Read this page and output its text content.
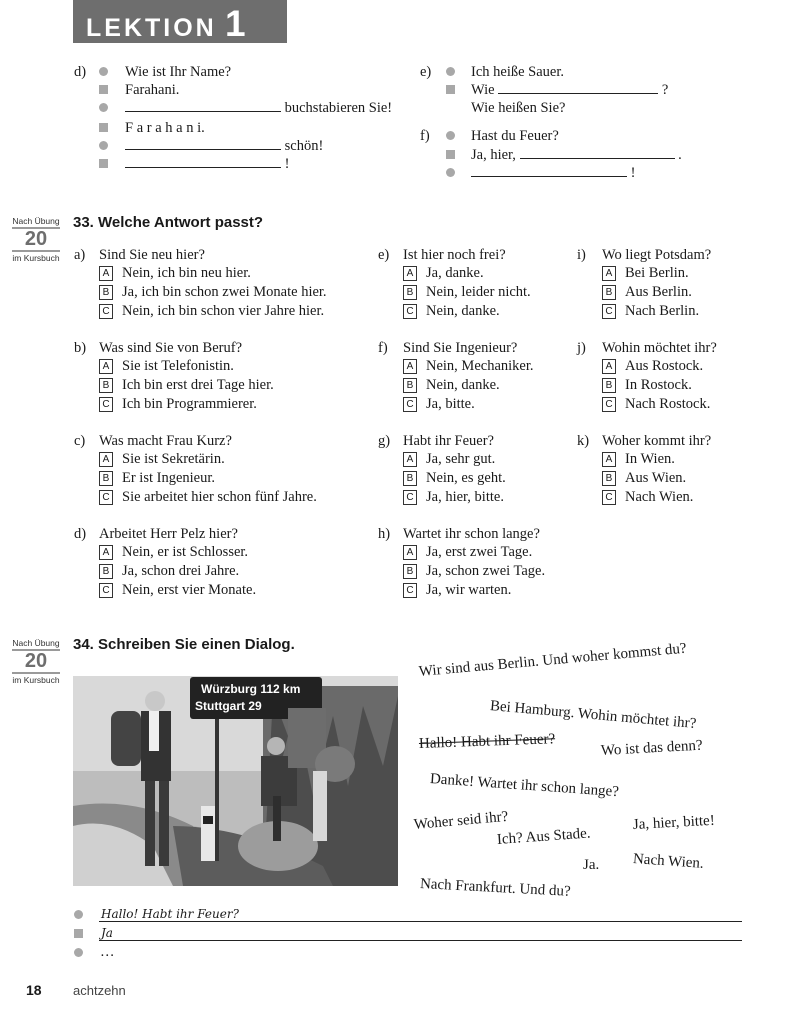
LEKTION 1
d)	Wie ist Ihr Name?
Farahani.
buchstabieren Sie!
F a r a h a n i.
schön!
!
e)	Ich heiße Sauer.
Wie	?
Wie heißen Sie?
f)	Hast du Feuer?
Ja, hier,	.
!
Nach Übung
20
im Kursbuch
33. Welche Antwort passt?
a) Sind Sie neu hier?
A Nein, ich bin neu hier.
B Ja, ich bin schon zwei Monate hier.
C Nein, ich bin schon vier Jahre hier.
b) Was sind Sie von Beruf?
A Sie ist Telefonistin.
B Ich bin erst drei Tage hier.
C Ich bin Programmierer.
c) Was macht Frau Kurz?
A Sie ist Sekretärin.
B Er ist Ingenieur.
C Sie arbeitet hier schon fünf Jahre.
d) Arbeitet Herr Pelz hier?
A Nein, er ist Schlosser.
B Ja, schon drei Jahre.
C Nein, erst vier Monate.
e) Ist hier noch frei?
A Ja, danke.
B Nein, leider nicht.
C Nein, danke.
f) Sind Sie Ingenieur?
A Nein, Mechaniker.
B Nein, danke.
C Ja, bitte.
g) Habt ihr Feuer?
A Ja, sehr gut.
B Nein, es geht.
C Ja, hier, bitte.
h) Wartet ihr schon lange?
A Ja, erst zwei Tage.
B Ja, schon zwei Tage.
C Ja, wir warten.
i) Wo liegt Potsdam?
A Bei Berlin.
B Aus Berlin.
C Nach Berlin.
j) Wohin möchtet ihr?
A Aus Rostock.
B In Rostock.
C Nach Rostock.
k) Woher kommt ihr?
A In Wien.
B Aus Wien.
C Nach Wien.
Nach Übung
20
im Kursbuch
34. Schreiben Sie einen Dialog.
Würzburg 112 km
Stuttgart 29
Wir sind aus Berlin. Und woher kommst du?
Bei Hamburg. Wohin möchtet ihr?
Hallo! Habt ihr Feuer?	Wo ist das denn?
Danke! Wartet ihr schon lange?
Woher seid ihr?	Ja, hier, bitte!
Ich? Aus Stade.
Nach Wien.
Ja.
Nach Frankfurt. Und du?
Hallo! Habt ihr Feuer?
Ja
…
18 achtzehn
